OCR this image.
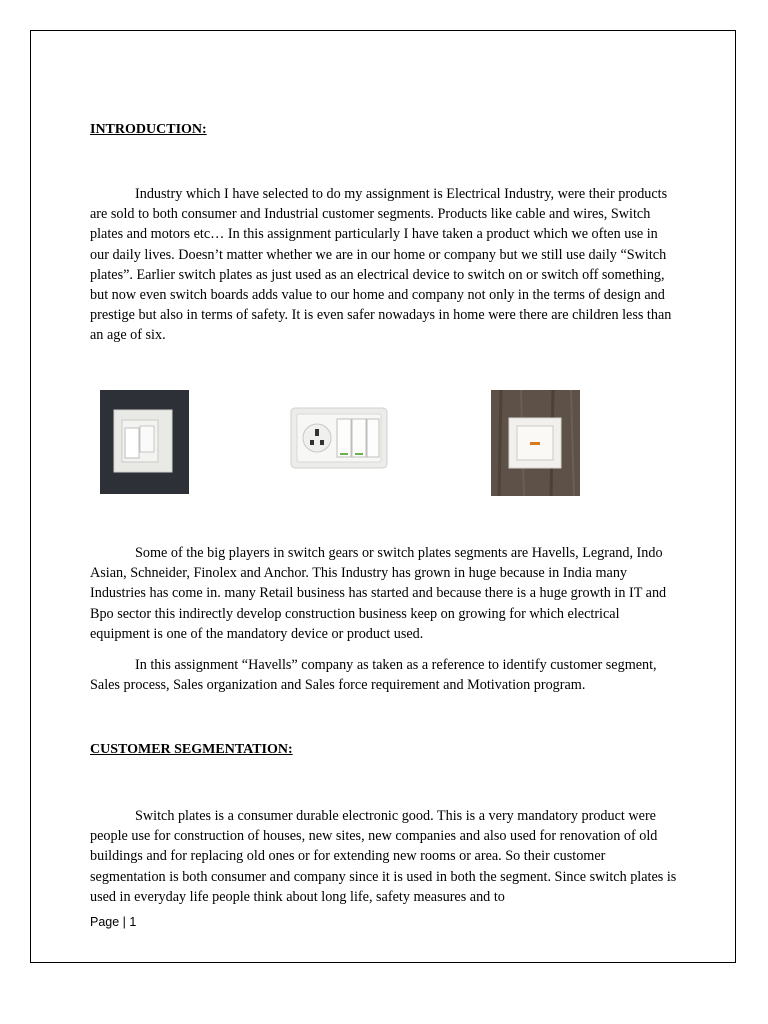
INTRODUCTION:

Industry which I have selected to do my assignment is Electrical Industry, were their products are sold to both consumer and Industrial customer segments. Products like cable and wires, Switch plates and motors etc… In this assignment particularly I have taken a product which we often use in our daily lives. Doesn’t matter whether we are in our home or company but we still use daily “Switch plates”. Earlier switch plates as just used as an electrical device to switch on or switch off something, but now even switch boards adds value to our home and company not only in the terms of design and prestige but also in terms of safety. It is even safer nowadays in home were there are children less than an age of six.

Some of the big players in switch gears or switch plates segments are Havells, Legrand, Indo Asian, Schneider, Finolex and Anchor. This Industry has grown in huge because in India many Industries has come in. many Retail business has started and because there is a huge growth in IT and Bpo sector this indirectly develop construction business keep on growing for which electrical equipment is one of the mandatory device or product used.

In this assignment “Havells” company as taken as a reference to identify customer segment, Sales process, Sales organization and Sales force requirement and Motivation program.

CUSTOMER SEGMENTATION:

Switch plates is a consumer durable electronic good. This is a very mandatory product were people use for construction of houses, new sites, new companies and also used for renovation of old buildings and for replacing old ones or for extending new rooms or area. So their customer segmentation is both consumer and company since it is used in both the segment. Since switch plates is used in everyday life people think about long life, safety measures and to

Page | 1
